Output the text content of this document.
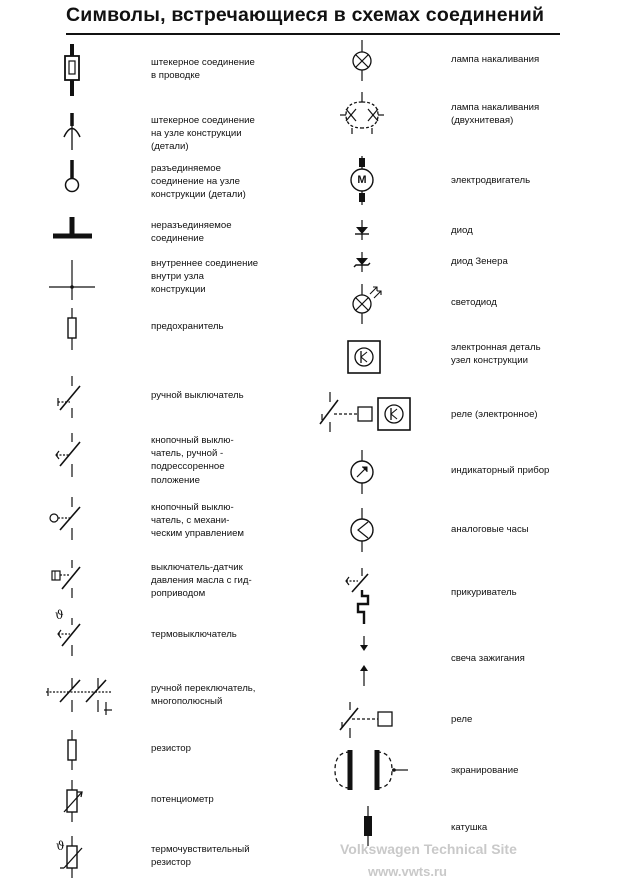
Символы, встречающиеся в схемах соединений
ϑ
ϑ
штекерное соединение
в проводке
штекерное соединение
на узле конструкции
(детали)
разъединяемое
соединение на узле
конструкции (детали)
неразъединяемое
соединение
внутреннее соединение
внутри узла
конструкции
предохранитель
ручной выключатель
кнопочный выклю-
чатель, ручной -
подрессоренное
положение
кнопочный выклю-
чатель, с механи-
ческим управлением
выключатель-датчик
давления масла с гид-
роприводом
термовыключатель
ручной переключатель,
многополюсный
резистор
потенциометр
термочувствительный
резистор
лампа накаливания
лампа накаливания
(двухнитевая)
электродвигатель
диод
диод Зенера
светодиод
электронная деталь
узел конструкции
реле (электронное)
индикаторный прибор
аналоговые часы
прикуриватель
свеча зажигания
реле
экранирование
катушка
M
Volkswagen Technical Site
www.vwts.ru
